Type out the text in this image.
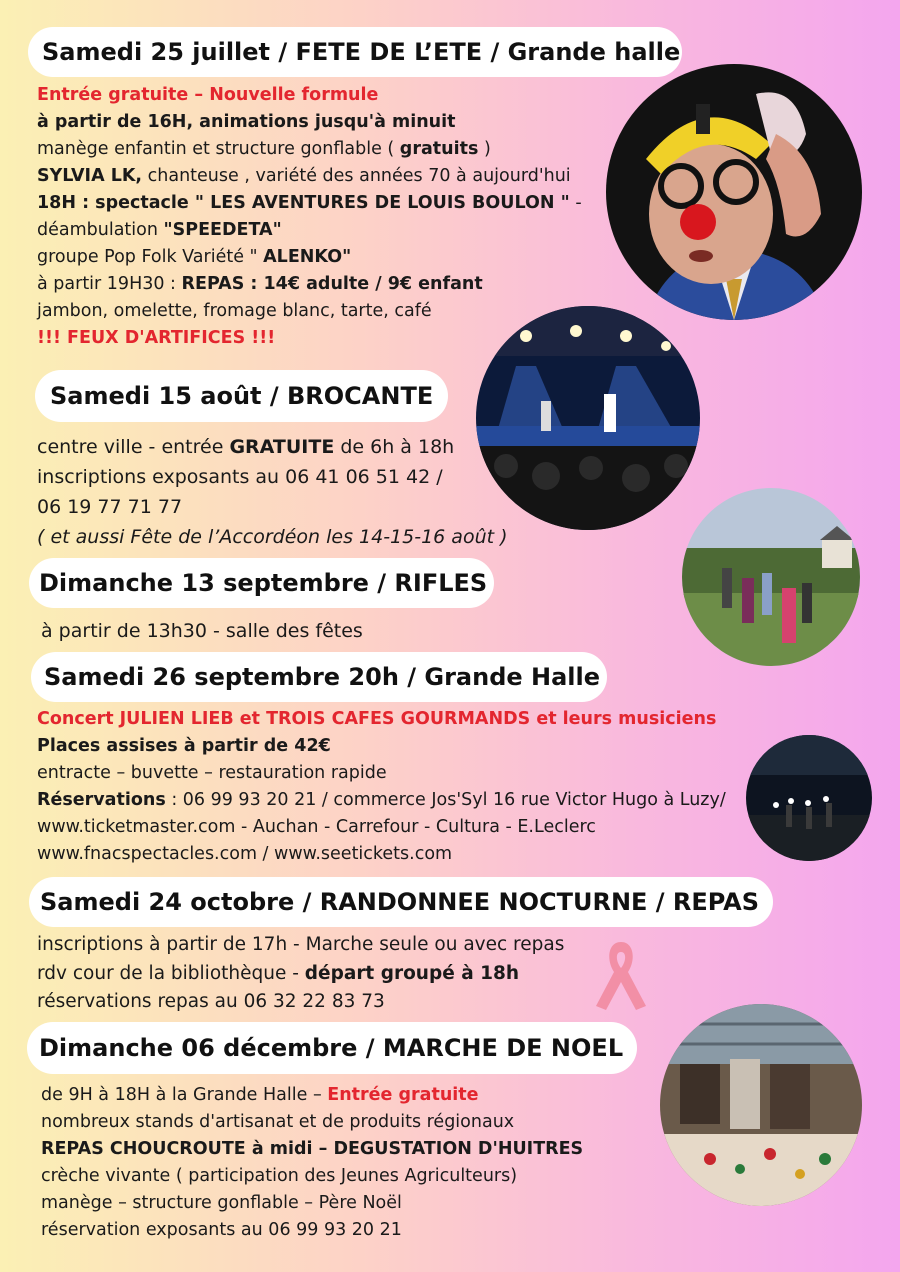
Samedi 25 juillet / FETE DE L’ETE / Grande halle
Entrée gratuite – Nouvelle formule
à partir de 16H, animations jusqu'à minuit
manège enfantin et structure gonflable ( gratuits )
SYLVIA LK, chanteuse , variété des années 70 à aujourd'hui
18H : spectacle " LES AVENTURES DE LOUIS BOULON " -
déambulation "SPEEDETA"
groupe Pop Folk Variété " ALENKO"
à partir 19H30 : REPAS : 14€ adulte / 9€ enfant
jambon, omelette, fromage blanc, tarte, café
!!! FEUX D'ARTIFICES !!!
Samedi 15 août / BROCANTE
centre ville - entrée GRATUITE de 6h à 18h
inscriptions exposants au 06 41 06 51 42 /
06 19 77 71 77
( et aussi Fête de l’Accordéon les 14-15-16 août )
Dimanche 13 septembre / RIFLES
à partir de 13h30 - salle des fêtes
Samedi 26 septembre 20h / Grande Halle
Concert JULIEN LIEB et TROIS CAFES GOURMANDS et leurs musiciens
Places assises à partir de 42€
entracte – buvette – restauration rapide
Réservations : 06 99 93 20 21 / commerce Jos'Syl 16 rue Victor Hugo à Luzy/
www.ticketmaster.com - Auchan - Carrefour - Cultura - E.Leclerc
www.fnacspectacles.com / www.seetickets.com
Samedi 24 octobre / RANDONNEE NOCTURNE / REPAS
inscriptions à partir de 17h - Marche seule ou avec repas
rdv cour de la bibliothèque - départ groupé à 18h
réservations repas au 06 32 22 83 73
Dimanche 06 décembre / MARCHE DE NOEL
de 9H à 18H à la Grande Halle – Entrée gratuite
nombreux stands d'artisanat et de produits régionaux
REPAS CHOUCROUTE à midi – DEGUSTATION D'HUITRES
crèche vivante ( participation des Jeunes Agriculteurs)
manège – structure gonflable – Père Noël
réservation exposants au 06 99 93 20 21
